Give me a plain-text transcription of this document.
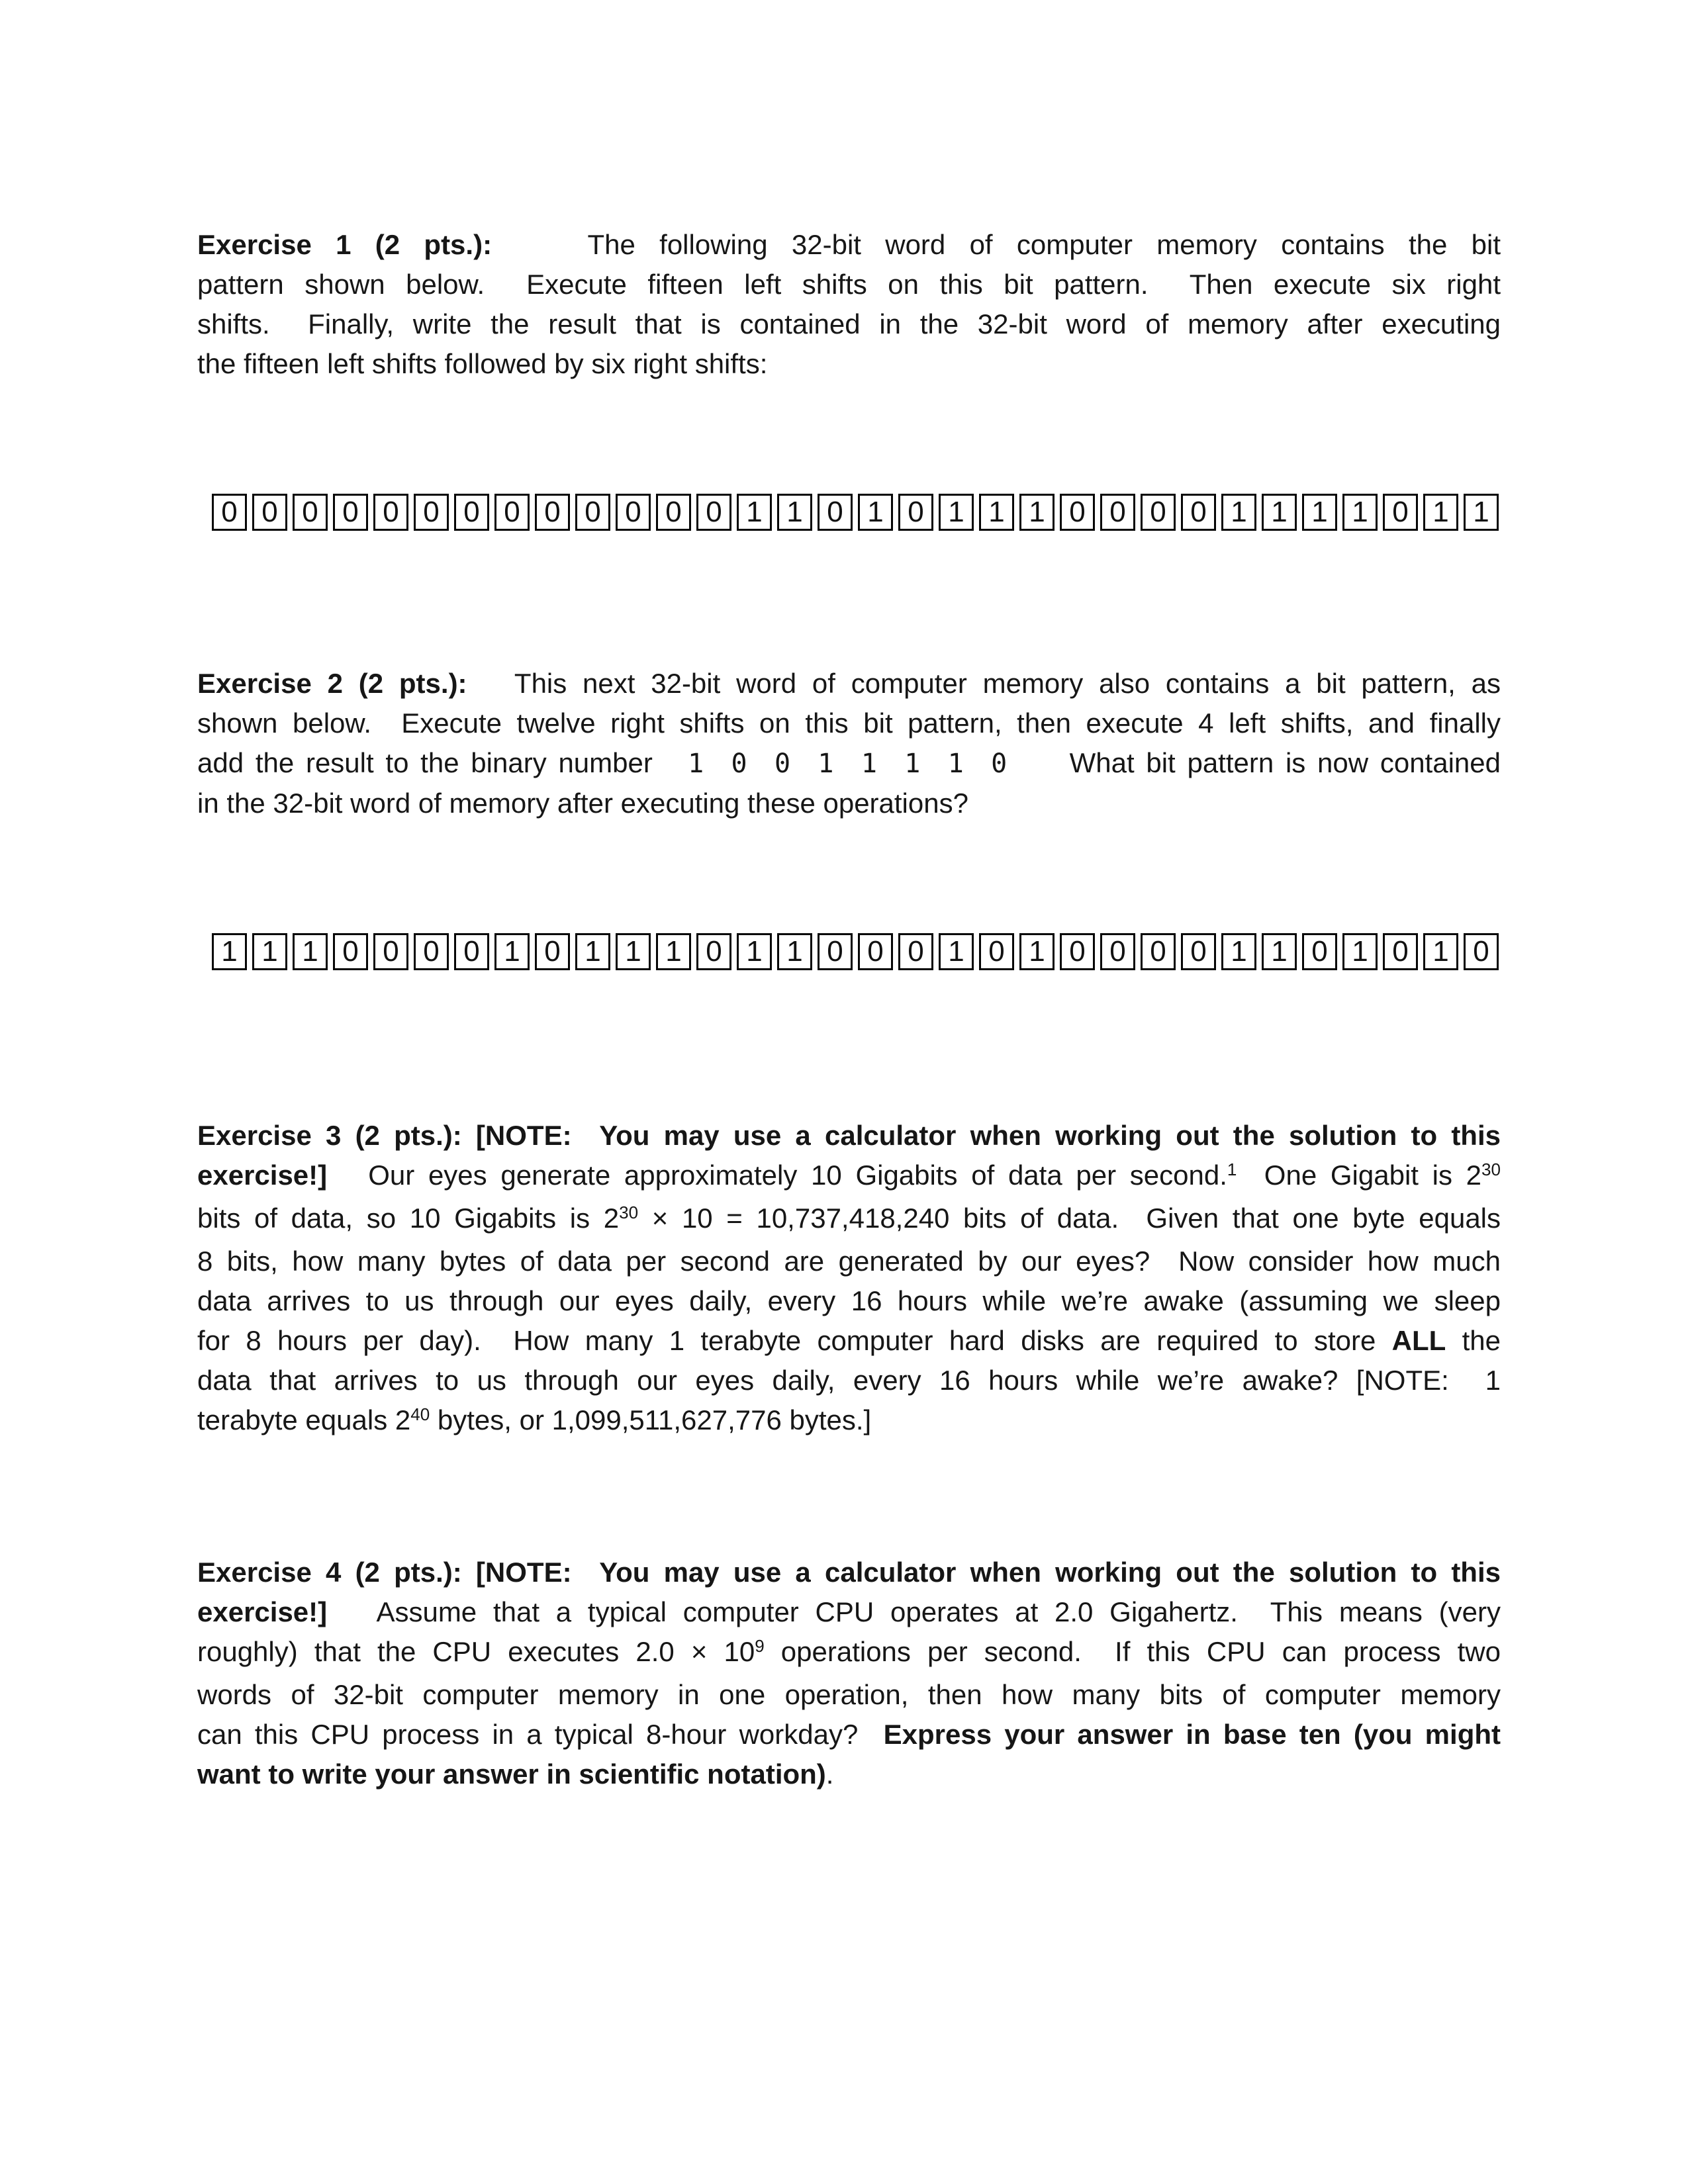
Exercise 1 (2 pts.):    The following 32-bit word of computer memory contains the bit
pattern shown below.  Execute fifteen left shifts on this bit pattern.  Then execute six right
shifts.  Finally, write the result that is contained in the 32-bit word of memory after executing
the fifteen left shifts followed by six right shifts:
0 0 0 0 0 0 0 0 0 0 0 0 0 1 1 0 1 0 1 1 1 0 0 0 0 1 1 1 1 0 1 1
Exercise 2 (2 pts.):   This next 32-bit word of computer memory also contains a bit pattern, as
shown below.  Execute twelve right shifts on this bit pattern, then execute 4 left shifts, and finally
add the result to the binary number   1 0 0 1 1 1 1 0     What bit pattern is now contained
in the 32-bit word of memory after executing these operations?
1 1 1 0 0 0 0 1 0 1 1 1 0 1 1 0 0 0 1 0 1 0 0 0 0 1 1 0 1 0 1 0
Exercise 3 (2 pts.): [NOTE:  You may use a calculator when working out the solution to this
exercise!]   Our eyes generate approximately 10 Gigabits of data per second.$^1$  One Gigabit is $2^{30}$
bits of data, so 10 Gigabits is $2^{30} \times 10 = 10,737,418,240$ bits of data.  Given that one byte equals
8 bits, how many bytes of data per second are generated by our eyes?  Now consider how much
data arrives to us through our eyes daily, every 16 hours while we’re awake (assuming we sleep
for 8 hours per day).  How many 1 terabyte computer hard disks are required to store ALL the
data that arrives to us through our eyes daily, every 16 hours while we’re awake? [NOTE:  1
terabyte equals $2^{40}$ bytes, or 1,099,511,627,776 bytes.]
Exercise 4 (2 pts.): [NOTE:  You may use a calculator when working out the solution to this
exercise!]   Assume that a typical computer CPU operates at 2.0 Gigahertz.  This means (very
roughly) that the CPU executes $2.0 \times 10^9$ operations per second.  If this CPU can process two
words of 32-bit computer memory in one operation, then how many bits of computer memory
can this CPU process in a typical 8-hour workday?  Express your answer in base ten (you might
want to write your answer in scientific notation).
